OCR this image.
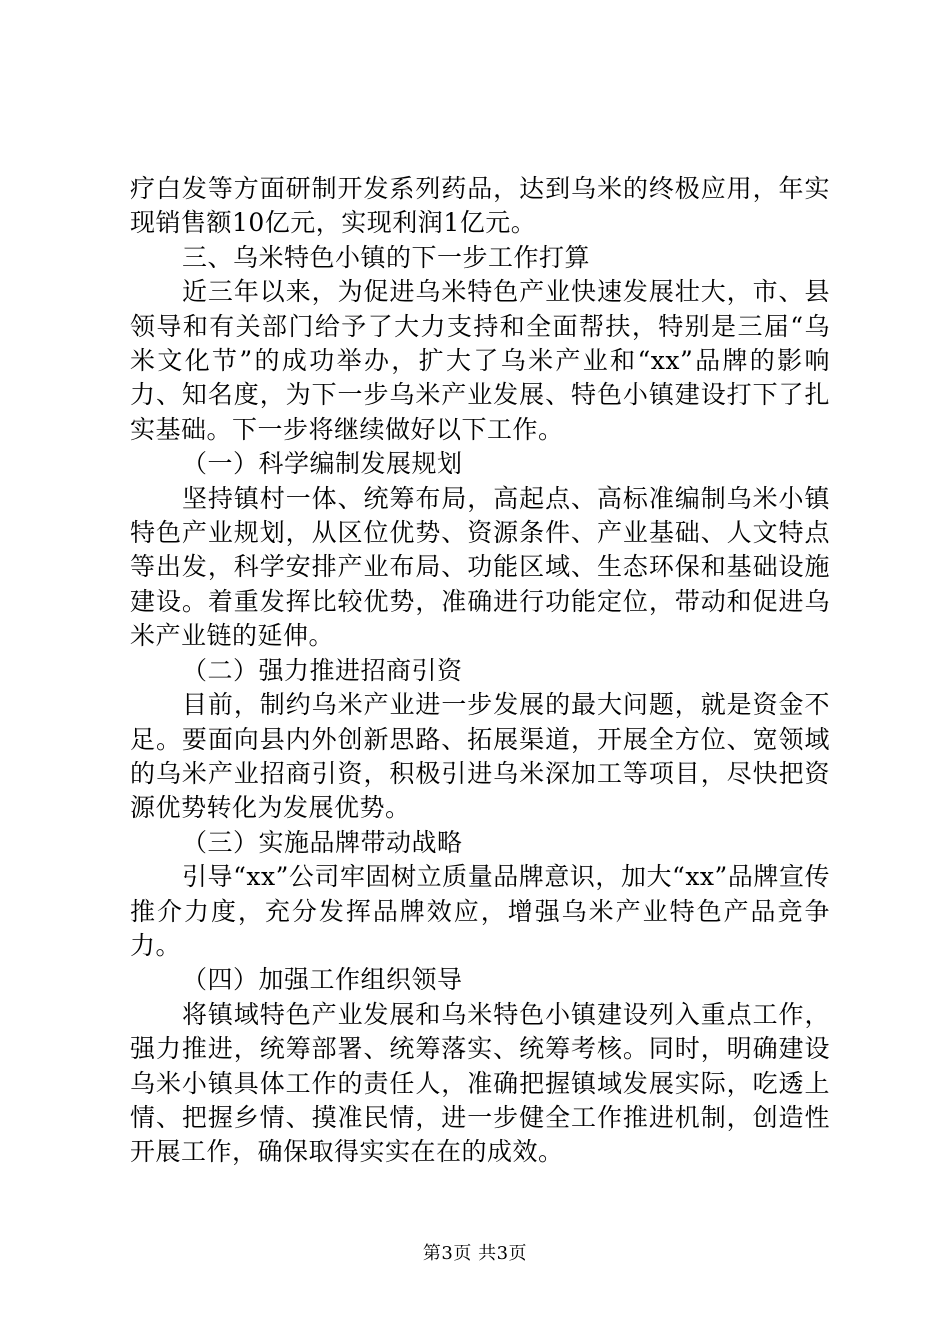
疗白发等方面研制开发系列药品，达到乌米的终极应用，年实现销售额10亿元，实现利润1亿元。

三、乌米特色小镇的下一步工作打算

近三年以来，为促进乌米特色产业快速发展壮大，市、县领导和有关部门给予了大力支持和全面帮扶，特别是三届“乌米文化节”的成功举办，扩大了乌米产业和“xx”品牌的影响力、知名度，为下一步乌米产业发展、特色小镇建设打下了扎实基础。下一步将继续做好以下工作。

（一）科学编制发展规划

坚持镇村一体、统筹布局，高起点、高标准编制乌米小镇特色产业规划，从区位优势、资源条件、产业基础、人文特点等出发，科学安排产业布局、功能区域、生态环保和基础设施建设。着重发挥比较优势，准确进行功能定位，带动和促进乌米产业链的延伸。

（二）强力推进招商引资

目前，制约乌米产业进一步发展的最大问题，就是资金不足。要面向县内外创新思路、拓展渠道，开展全方位、宽领域的乌米产业招商引资，积极引进乌米深加工等项目，尽快把资源优势转化为发展优势。

（三）实施品牌带动战略

引导“xx”公司牢固树立质量品牌意识，加大“xx”品牌宣传推介力度，充分发挥品牌效应，增强乌米产业特色产品竞争力。

（四）加强工作组织领导

将镇域特色产业发展和乌米特色小镇建设列入重点工作，强力推进，统筹部署、统筹落实、统筹考核。同时，明确建设乌米小镇具体工作的责任人，准确把握镇域发展实际，吃透上情、把握乡情、摸准民情，进一步健全工作推进机制，创造性开展工作，确保取得实实在在的成效。

第3页 共3页
